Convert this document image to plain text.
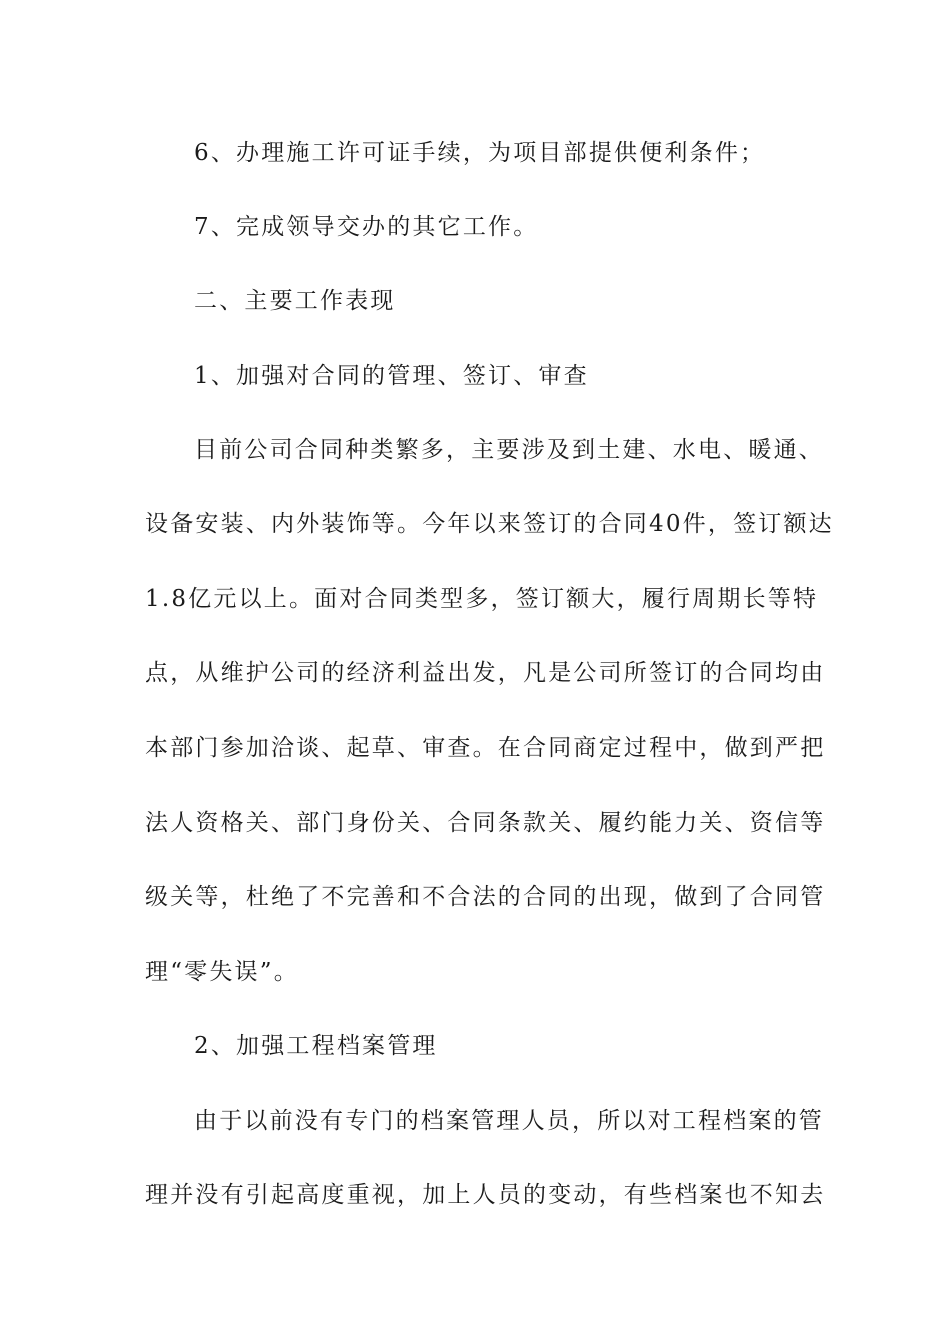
6、办理施工许可证手续，为项目部提供便利条件；
7、完成领导交办的其它工作。
二、主要工作表现
1、加强对合同的管理、签订、审查
目前公司合同种类繁多，主要涉及到土建、水电、暖通、
设备安装、内外装饰等。今年以来签订的合同40件，签订额达
1.8亿元以上。面对合同类型多，签订额大，履行周期长等特
点，从维护公司的经济利益出发，凡是公司所签订的合同均由
本部门参加洽谈、起草、审查。在合同商定过程中，做到严把
法人资格关、部门身份关、合同条款关、履约能力关、资信等
级关等，杜绝了不完善和不合法的合同的出现，做到了合同管
理“零失误”。
2、加强工程档案管理
由于以前没有专门的档案管理人员，所以对工程档案的管
理并没有引起高度重视，加上人员的变动，有些档案也不知去
